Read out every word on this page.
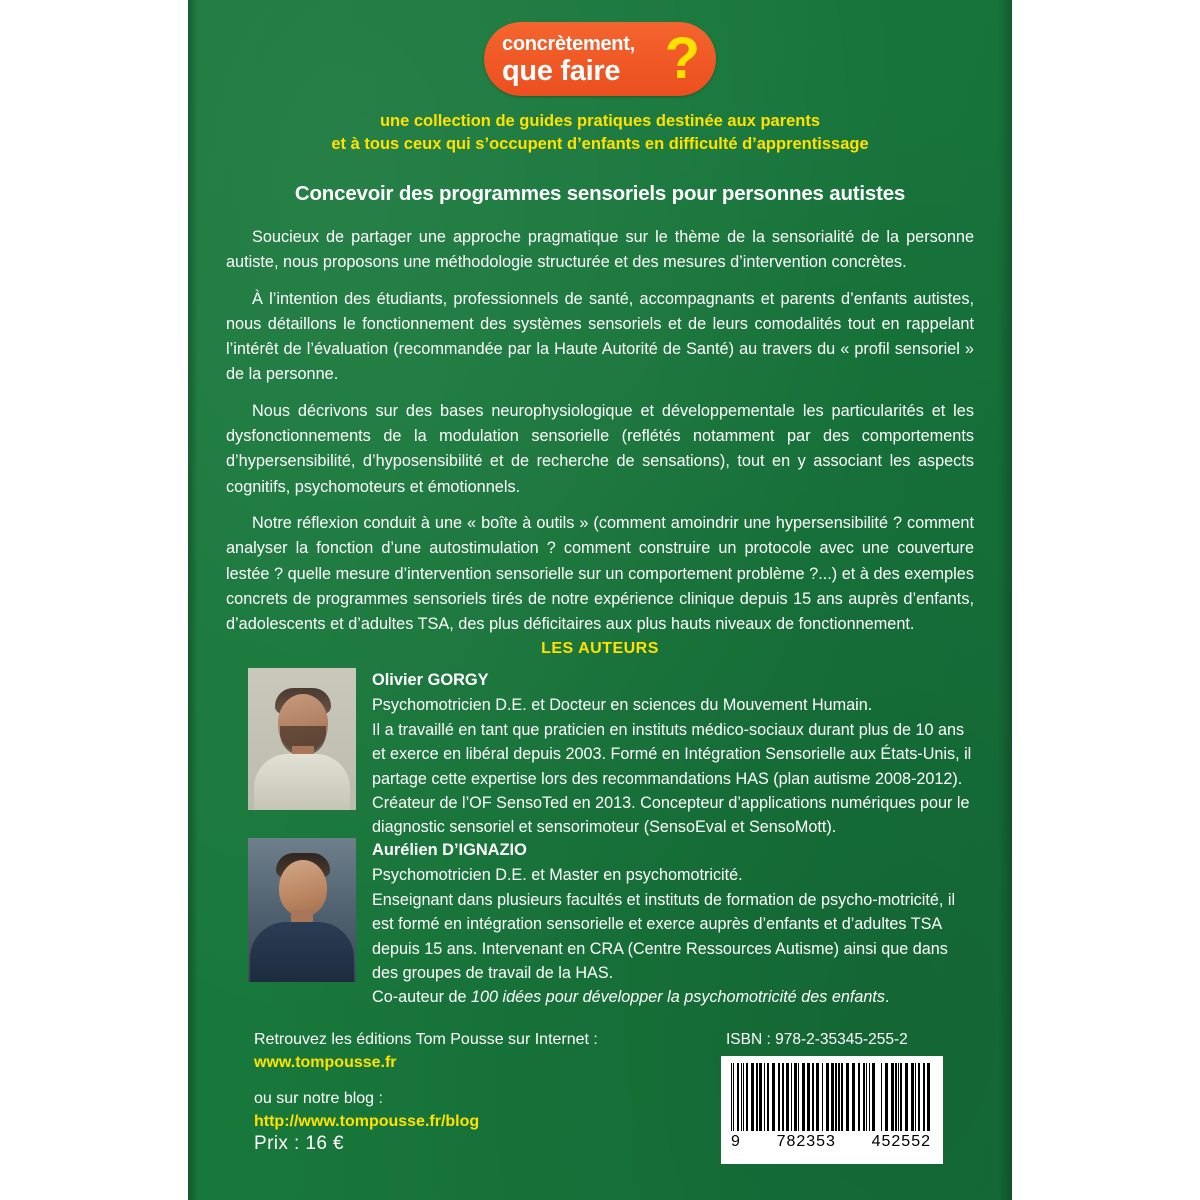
concrètement,
que faire ?
une collection de guides pratiques destinée aux parents
et à tous ceux qui s’occupent d’enfants en difficulté d’apprentissage
Concevoir des programmes sensoriels pour personnes autistes

Soucieux de partager une approche pragmatique sur le thème de la sensorialité de la personne autiste, nous proposons une méthodologie structurée et des mesures d’intervention concrètes.

À l’intention des étudiants, professionnels de santé, accompagnants et parents d’enfants autistes, nous détaillons le fonctionnement des systèmes sensoriels et de leurs comodalités tout en rappelant l’intérêt de l’évaluation (recommandée par la Haute Autorité de Santé) au travers du « profil sensoriel » de la personne.

Nous décrivons sur des bases neurophysiologique et développementale les particularités et les dysfonctionnements de la modulation sensorielle (reflétés notamment par des comportements d’hypersensibilité, d’hyposensibilité et de recherche de sensations), tout en y associant les aspects cognitifs, psychomoteurs et émotionnels.

Notre réflexion conduit à une « boîte à outils » (comment amoindrir une hypersensibilité ? comment analyser la fonction d’une autostimulation ? comment construire un protocole avec une couverture lestée ? quelle mesure d’intervention sensorielle sur un comportement problème ?...) et à des exemples concrets de programmes sensoriels tirés de notre expérience clinique depuis 15 ans auprès d’enfants, d’adolescents et d’adultes TSA, des plus déficitaires aux plus hauts niveaux de fonctionnement.

LES AUTEURS
Olivier GORGY
Psychomotricien D.E. et Docteur en sciences du Mouvement Humain.
Il a travaillé en tant que praticien en instituts médico-sociaux durant plus de 10 ans et exerce en libéral depuis 2003. Formé en Intégration Sensorielle aux États-Unis, il partage cette expertise lors des recommandations HAS (plan autisme 2008-2012). Créateur de l’OF SensoTed en 2013. Concepteur d’applications numériques pour le diagnostic sensoriel et sensorimoteur (SensoEval et SensoMott).
Aurélien D’IGNAZIO
Psychomotricien D.E. et Master en psychomotricité.
Enseignant dans plusieurs facultés et instituts de formation de psycho-motricité, il est formé en intégration sensorielle et exerce auprès d’enfants et d’adultes TSA depuis 15 ans. Intervenant en CRA (Centre Ressources Autisme) ainsi que dans des groupes de travail de la HAS.
Co-auteur de 100 idées pour développer la psychomotricité des enfants.
Retrouvez les éditions Tom Pousse sur Internet :
www.tompousse.fr
ou sur notre blog :
http://www.tompousse.fr/blog
Prix : 16 €
ISBN : 978-2-35345-255-2
9 782353 452552
